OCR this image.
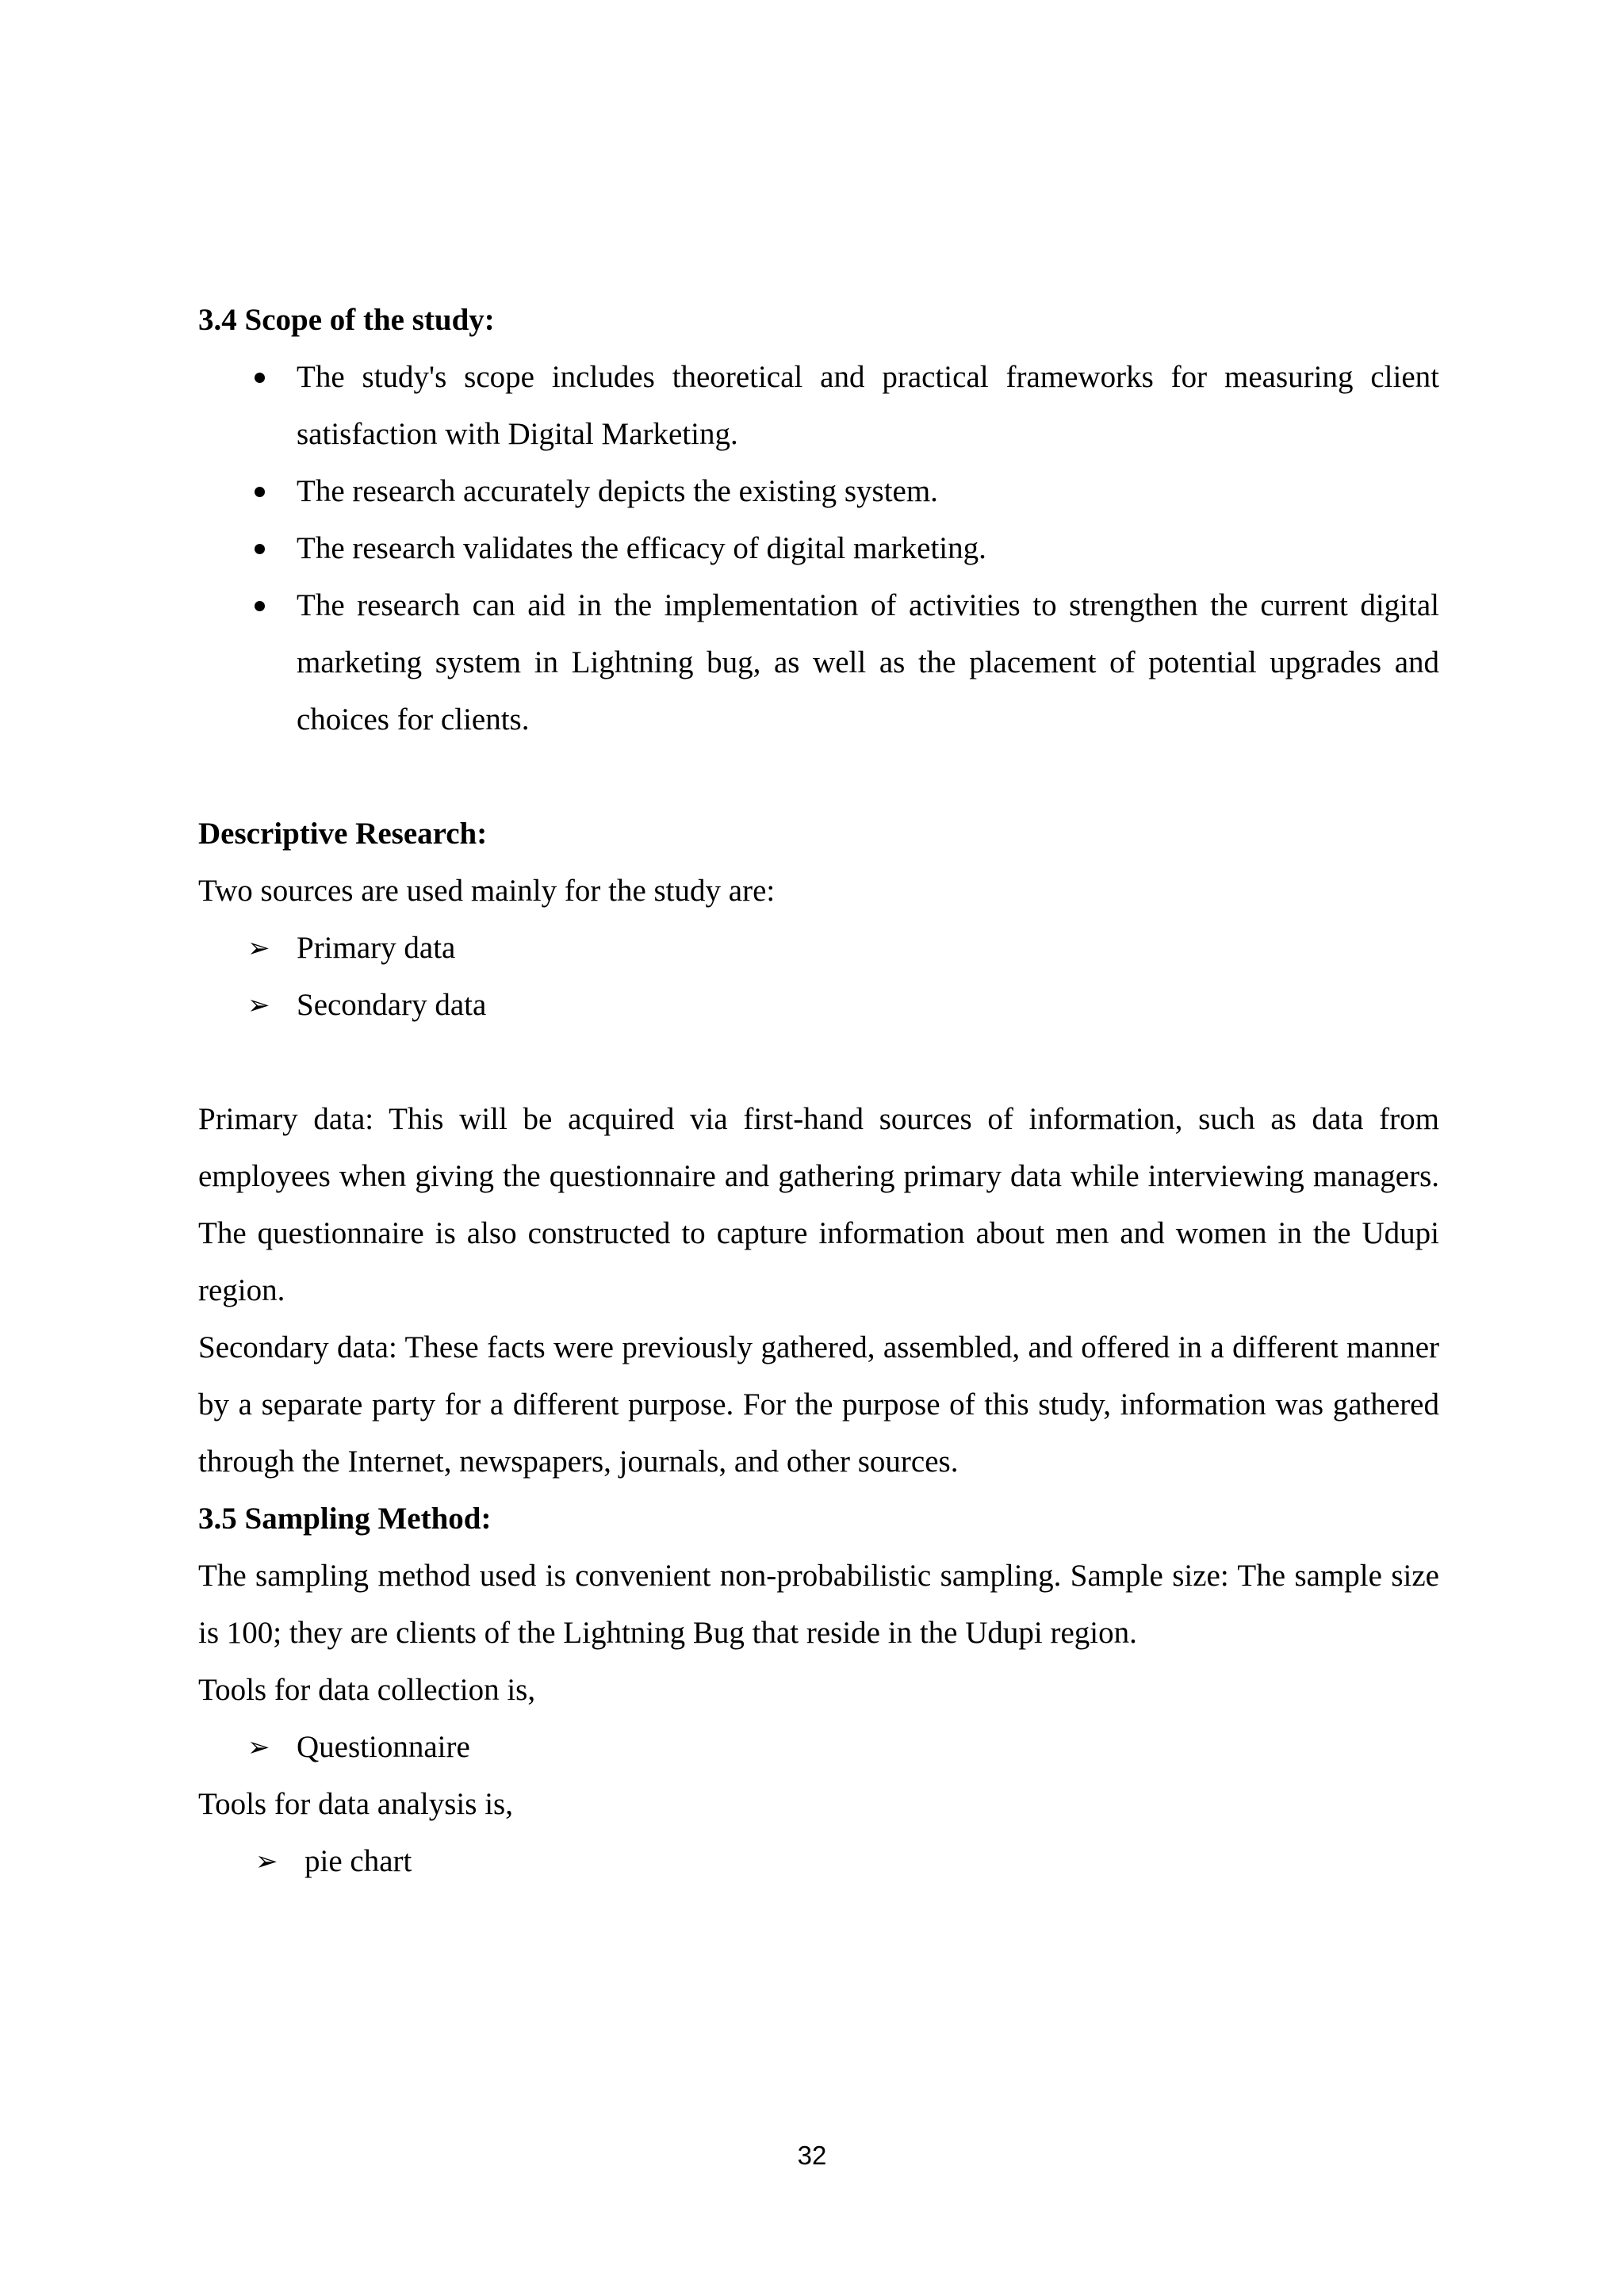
3.4 Scope of the study:

The study's scope includes theoretical and practical frameworks for measuring client satisfaction with Digital Marketing.
The research accurately depicts the existing system.
The research validates the efficacy of digital marketing.
The research can aid in the implementation of activities to strengthen the current digital marketing system in Lightning bug, as well as the placement of potential upgrades and choices for clients.

Descriptive Research:

Two sources are used mainly for the study are:

➢ Primary data
➢ Secondary data

Primary data: This will be acquired via first-hand sources of information, such as data from employees when giving the questionnaire and gathering primary data while interviewing managers. The questionnaire is also constructed to capture information about men and women in the Udupi region.

Secondary data: These facts were previously gathered, assembled, and offered in a different manner by a separate party for a different purpose. For the purpose of this study, information was gathered through the Internet, newspapers, journals, and other sources.

3.5 Sampling Method:

The sampling method used is convenient non-probabilistic sampling. Sample size: The sample size is 100; they are clients of the Lightning Bug that reside in the Udupi region.

Tools for data collection is,

➢ Questionnaire

Tools for data analysis is,

➢ pie chart
32
